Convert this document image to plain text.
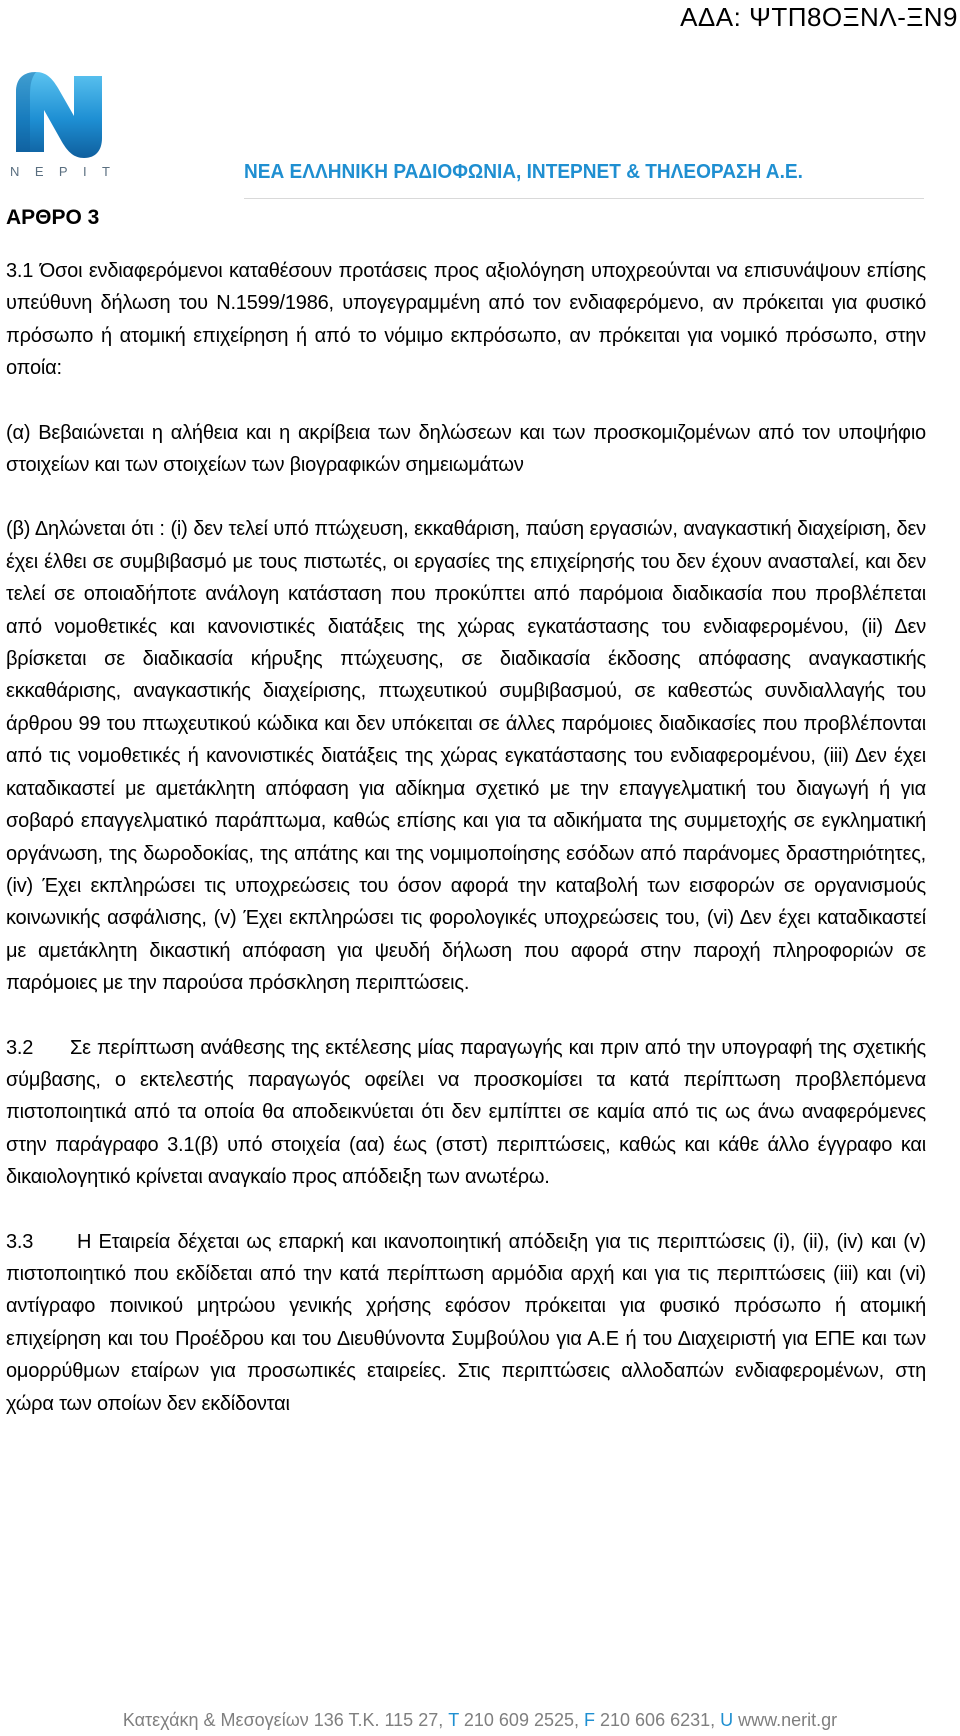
ΑΔΑ: ΨΤΠ8ΟΞΝΛ-ΞΝ9
N E P I T	ΝΕΑ ΕΛΛΗΝΙΚΗ ΡΑΔΙΟΦΩΝΙΑ, ΙΝΤΕΡΝΕΤ & ΤΗΛΕΟΡΑΣΗ Α.Ε.
ΑΡΘΡΟ 3

3.1 Όσοι ενδιαφερόμενοι καταθέσουν προτάσεις προς αξιολόγηση υποχρεούνται να επισυνάψουν επίσης υπεύθυνη δήλωση του Ν.1599/1986, υπογεγραμμένη από τον ενδιαφερόμενο, αν πρόκειται για φυσικό πρόσωπο ή ατομική επιχείρηση ή από το νόμιμο εκπρόσωπο, αν πρόκειται για νομικό πρόσωπο, στην οποία:

(α) Βεβαιώνεται η αλήθεια και η ακρίβεια των δηλώσεων και των προσκομιζομένων από τον υποψήφιο στοιχείων και των στοιχείων των βιογραφικών σημειωμάτων

(β) Δηλώνεται ότι : (i) δεν τελεί υπό πτώχευση, εκκαθάριση, παύση εργασιών, αναγκαστική διαχείριση, δεν έχει έλθει σε συμβιβασμό με τους πιστωτές, οι εργασίες της επιχείρησής του δεν έχουν ανασταλεί, και δεν τελεί σε οποιαδήποτε ανάλογη κατάσταση που προκύπτει από παρόμοια διαδικασία που προβλέπεται από νομοθετικές και κανονιστικές διατάξεις της χώρας εγκατάστασης του ενδιαφερομένου, (ii) Δεν βρίσκεται σε διαδικασία κήρυξης πτώχευσης, σε διαδικασία έκδοσης απόφασης αναγκαστικής εκκαθάρισης, αναγκαστικής διαχείρισης, πτωχευτικού συμβιβασμού, σε καθεστώς συνδιαλλαγής του άρθρου 99 του πτωχευτικού κώδικα και δεν υπόκειται σε άλλες παρόμοιες διαδικασίες που προβλέπονται από τις νομοθετικές ή κανονιστικές διατάξεις της χώρας εγκατάστασης του ενδιαφερομένου, (iii) Δεν έχει καταδικαστεί με αμετάκλητη απόφαση για αδίκημα σχετικό με την επαγγελματική του διαγωγή ή για σοβαρό επαγγελματικό παράπτωμα, καθώς επίσης και για τα αδικήματα της συμμετοχής σε εγκληματική οργάνωση, της δωροδοκίας, της απάτης και της νομιμοποίησης εσόδων από παράνομες δραστηριότητες, (iv) Έχει εκπληρώσει τις υποχρεώσεις του όσον αφορά την καταβολή των εισφορών σε οργανισμούς κοινωνικής ασφάλισης, (v) Έχει εκπληρώσει τις φορολογικές υποχρεώσεις του, (vi) Δεν έχει καταδικαστεί με αμετάκλητη δικαστική απόφαση για ψευδή δήλωση που αφορά στην παροχή πληροφοριών σε παρόμοιες με την παρούσα πρόσκληση περιπτώσεις.

3.2      Σε περίπτωση ανάθεσης της εκτέλεσης μίας παραγωγής και πριν από την υπογραφή της σχετικής σύμβασης, ο εκτελεστής παραγωγός οφείλει να προσκομίσει τα κατά περίπτωση προβλεπόμενα πιστοποιητικά από τα οποία θα αποδεικνύεται ότι δεν εμπίπτει σε καμία από τις ως άνω αναφερόμενες στην παράγραφο 3.1(β) υπό στοιχεία (αα) έως (στστ) περιπτώσεις, καθώς και κάθε άλλο έγγραφο και δικαιολογητικό κρίνεται αναγκαίο προς απόδειξη των ανωτέρω.

3.3      Η Εταιρεία δέχεται ως επαρκή και ικανοποιητική απόδειξη για τις περιπτώσεις (i), (ii), (iv) και (v) πιστοποιητικό που εκδίδεται από την κατά περίπτωση αρμόδια αρχή και για τις περιπτώσεις (iii) και (vi) αντίγραφο ποινικού μητρώου γενικής χρήσης εφόσον πρόκειται για φυσικό πρόσωπο ή ατομική επιχείρηση και του Προέδρου και του Διευθύνοντα Συμβούλου για Α.Ε ή του Διαχειριστή για ΕΠΕ και των ομορρύθμων εταίρων για προσωπικές εταιρείες. Στις περιπτώσεις αλλοδαπών ενδιαφερομένων, στη χώρα των οποίων δεν εκδίδονται

Κατεχάκη & Μεσογείων 136 Τ.Κ. 115 27, T 210 609 2525, F 210 606 6231, U www.nerit.gr
